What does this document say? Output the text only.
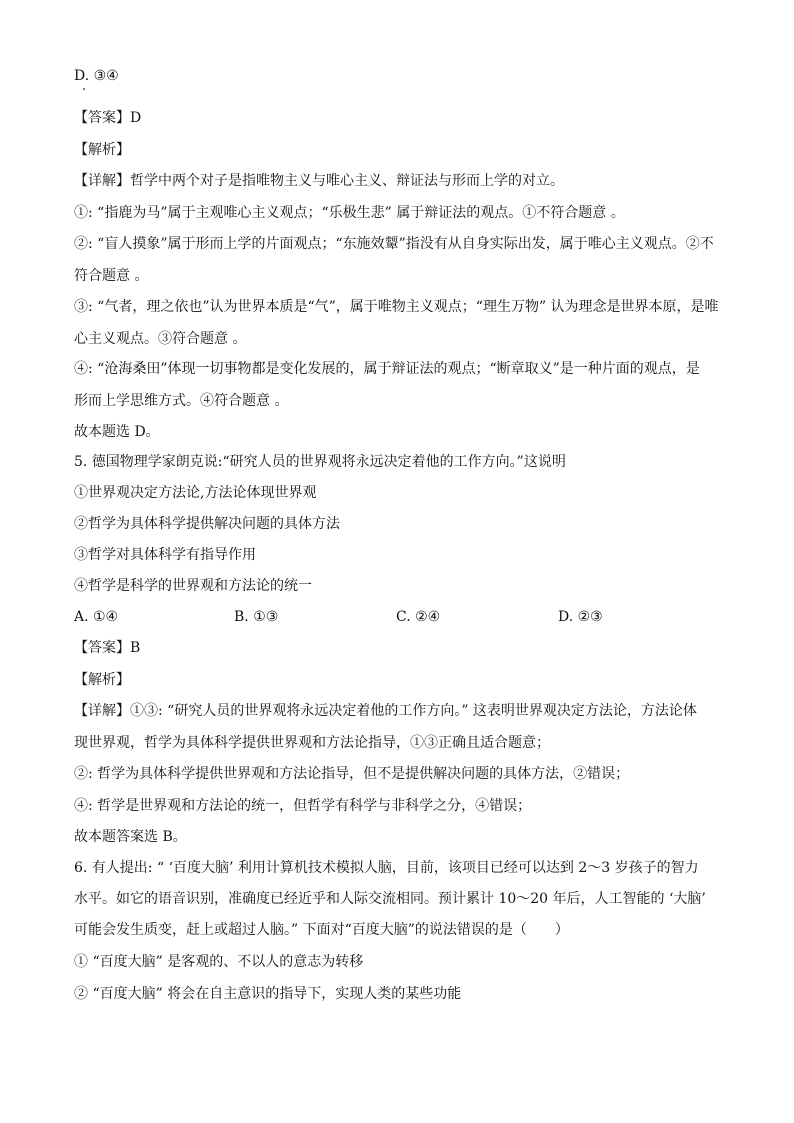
D. ③④
【答案】D
【解析】
【详解】哲学中两个对子是指唯物主义与唯心主义、辩证法与形而上学的对立。
①: “指鹿为马”属于主观唯心主义观点；“乐极生悲” 属于辩证法的观点。①不符合题意 。
②: “盲人摸象”属于形而上学的片面观点；“东施效颦”指没有从自身实际出发，属于唯心主义观点。②不
符合题意 。
③: “气者，理之依也”认为世界本质是“气”，属于唯物主义观点；“理生万物” 认为理念是世界本原，是唯
心主义观点。③符合题意 。
④: “沧海桑田”体现一切事物都是变化发展的，属于辩证法的观点；“断章取义”是一种片面的观点，是
形而上学思维方式。④符合题意 。
故本题选 D。
5. 德国物理学家朗克说:“研究人员的世界观将永远决定着他的工作方向。”这说明
①世界观决定方法论,方法论体现世界观
②哲学为具体科学提供解决问题的具体方法
③哲学对具体科学有指导作用
④哲学是科学的世界观和方法论的统一
A. ①④	B. ①③	C. ②④	D. ②③
【答案】B
【解析】
【详解】①③: “研究人员的世界观将永远决定着他的工作方向。” 这表明世界观决定方法论，方法论体
现世界观，哲学为具体科学提供世界观和方法论指导，①③正确且适合题意；
②: 哲学为具体科学提供世界观和方法论指导，但不是提供解决问题的具体方法，②错误；
④: 哲学是世界观和方法论的统一，但哲学有科学与非科学之分，④错误；
故本题答案选 B。
6. 有人提出: “ ‘百度大脑’ 利用计算机技术模拟人脑，目前，该项目已经可以达到 2～3 岁孩子的智力
水平。如它的语音识别，准确度已经近乎和人际交流相同。预计累计 10～20 年后，人工智能的 ‘大脑’
可能会发生质变，赶上或超过人脑。” 下面对“百度大脑”的说法错误的是（　　）
① “百度大脑” 是客观的、不以人的意志为转移
② “百度大脑” 将会在自主意识的指导下，实现人类的某些功能
